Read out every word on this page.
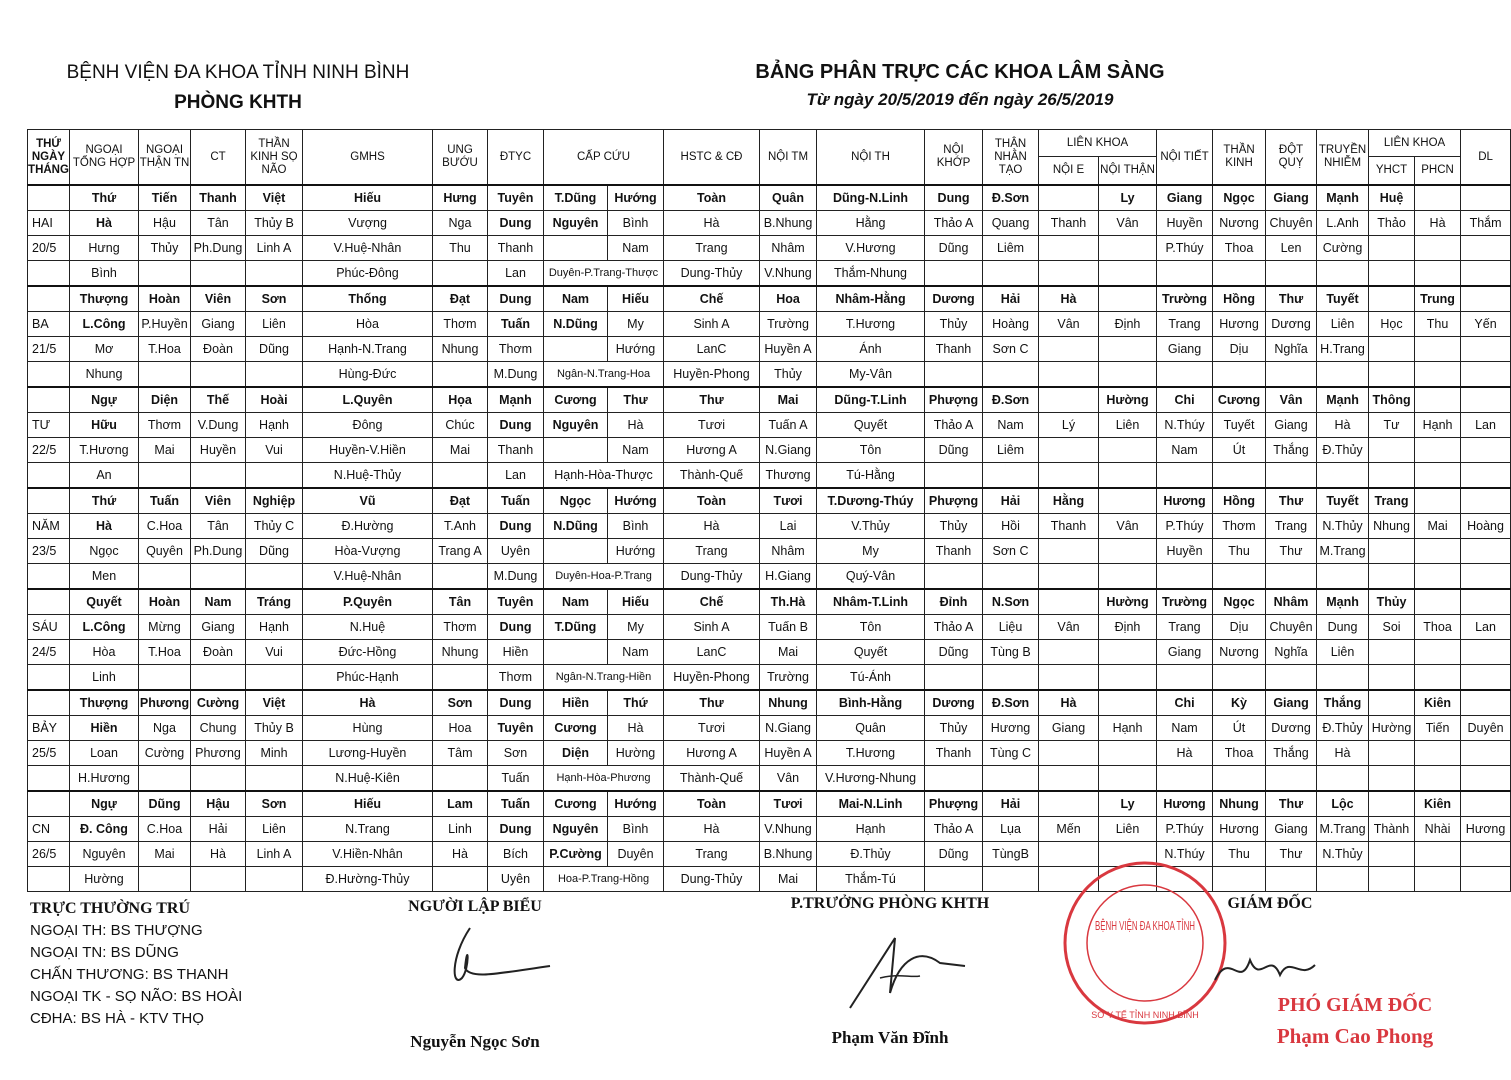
BỆNH VIỆN ĐA KHOA TỈNH NINH BÌNH
PHÒNG KHTH
BẢNG PHÂN TRỰC CÁC KHOA LÂM SÀNG
Từ ngày 20/5/2019 đến ngày 26/5/2019
THỨ NGÀY THÁNG	NGOẠI TỔNG HỢP	NGOẠI THẬN TN	CT	THẦN KINH SỌ NÃO	GMHS	UNG BƯỚU	ĐTYC	CẤP CỨU		HSTC & CĐ	NỘI TM	NỘI TH	NỘI KHỚP	THẬN NHÂN TẠO	LIÊN KHOA		NỘI TIẾT	THẦN KINH	ĐỘT QUỴ	TRUYỀN NHIỄM	LIÊN KHOA		DL
															NỘI E	NỘI THẬN					YHCT	PHCN	
	Thứ	Tiến	Thanh	Việt	Hiếu	Hưng	Tuyên	T.Dũng	Hướng	Toàn	Quân	Dũng-N.Linh	Dung	Đ.Sơn		Ly	Giang	Ngọc	Giang	Mạnh	Huệ		
HAI	Hà	Hậu	Tân	Thủy B	Vượng	Nga	Dung	Nguyên	Bình	Hà	B.Nhung	Hằng	Thảo A	Quang	Thanh	Vân	Huyền	Nương	Chuyên	L.Anh	Thảo	Hà	Thắm
20/5	Hưng	Thủy	Ph.Dung	Linh A	V.Huệ-Nhân	Thu	Thanh		Nam	Trang	Nhâm	V.Hương	Dũng	Liêm			P.Thúy	Thoa	Len	Cường			
	Bình				Phúc-Đông		Lan	Duyên-P.Trang-Thược		Dung-Thủy	V.Nhung	Thắm-Nhung											
	Thượng	Hoàn	Viên	Sơn	Thống	Đạt	Dung	Nam	Hiếu	Chế	Hoa	Nhâm-Hằng	Dương	Hải	Hà		Trường	Hồng	Thư	Tuyết		Trung	
BA	L.Công	P.Huyền	Giang	Liên	Hòa	Thơm	Tuấn	N.Dũng	My	Sinh A	Trường	T.Hương	Thủy	Hoàng	Vân	Định	Trang	Hương	Dương	Liên	Học	Thu	Yến
21/5	Mơ	T.Hoa	Đoàn	Dũng	Hạnh-N.Trang	Nhung	Thơm		Hướng	LanC	Huyền A	Ánh	Thanh	Sơn C			Giang	Dịu	Nghĩa	H.Trang			
	Nhung				Hùng-Đức		M.Dung	Ngân-N.Trang-Hoa		Huyền-Phong	Thủy	My-Vân											
	Ngự	Diện	Thế	Hoài	L.Quyên	Họa	Mạnh	Cương	Thư	Thư	Mai	Dũng-T.Linh	Phượng	Đ.Sơn		Hường	Chi	Cương	Vân	Mạnh	Thông		
TƯ	Hữu	Thơm	V.Dung	Hạnh	Đông	Chúc	Dung	Nguyên	Hà	Tươi	Tuấn A	Quyết	Thảo A	Nam	Lý	Liên	N.Thúy	Tuyết	Giang	Hà	Tư	Hạnh	Lan
22/5	T.Hương	Mai	Huyền	Vui	Huyền-V.Hiền	Mai	Thanh		Nam	Hương A	N.Giang	Tôn	Dũng	Liêm			Nam	Út	Thắng	Đ.Thủy			
	An				N.Huệ-Thủy		Lan	Hạnh-Hòa-Thược		Thành-Quế	Thương	Tú-Hằng											
	Thứ	Tuấn	Viên	Nghiệp	Vũ	Đạt	Tuấn	Ngọc	Hướng	Toàn	Tươi	T.Dương-Thúy	Phượng	Hải	Hằng		Hương	Hồng	Thư	Tuyết	Trang		
NĂM	Hà	C.Hoa	Tân	Thủy C	Đ.Hường	T.Anh	Dung	N.Dũng	Bình	Hà	Lai	V.Thủy	Thủy	Hồi	Thanh	Vân	P.Thúy	Thơm	Trang	N.Thủy	Nhung	Mai	Hoàng
23/5	Ngọc	Quyên	Ph.Dung	Dũng	Hòa-Vượng	Trang A	Uyên		Hướng	Trang	Nhâm	My	Thanh	Sơn C			Huyền	Thu	Thư	M.Trang			
	Men				V.Huệ-Nhân		M.Dung	Duyên-Hoa-P.Trang		Dung-Thủy	H.Giang	Quý-Vân											
	Quyết	Hoàn	Nam	Tráng	P.Quyên	Tân	Tuyên	Nam	Hiếu	Chế	Th.Hà	Nhâm-T.Linh	Đỉnh	N.Sơn		Hường	Trường	Ngọc	Nhâm	Mạnh	Thủy		
SÁU	L.Công	Mừng	Giang	Hạnh	N.Huệ	Thơm	Dung	T.Dũng	My	Sinh A	Tuấn B	Tôn	Thảo A	Liệu	Vân	Định	Trang	Dịu	Chuyên	Dung	Soi	Thoa	Lan
24/5	Hòa	T.Hoa	Đoàn	Vui	Đức-Hồng	Nhung	Hiền		Nam	LanC	Mai	Quyết	Dũng	Tùng B			Giang	Nương	Nghĩa	Liên			
	Linh				Phúc-Hạnh		Thơm	Ngân-N.Trang-Hiền		Huyền-Phong	Trường	Tú-Ánh											
	Thượng	Phương	Cường	Việt	Hà	Sơn	Dung	Hiền	Thứ	Thư	Nhung	Bình-Hằng	Dương	Đ.Sơn	Hà		Chi	Kỳ	Giang	Thắng		Kiên	
BẢY	Hiền	Nga	Chung	Thủy B	Hùng	Hoa	Tuyên	Cương	Hà	Tươi	N.Giang	Quân	Thủy	Hương	Giang	Hạnh	Nam	Út	Dương	Đ.Thủy	Hường	Tiến	Duyên
25/5	Loan	Cường	Phương	Minh	Lương-Huyền	Tâm	Sơn	Diện	Hường	Hương A	Huyền A	T.Hương	Thanh	Tùng C			Hà	Thoa	Thắng	Hà			
	H.Hương				N.Huệ-Kiên		Tuấn	Hạnh-Hòa-Phương		Thành-Quế	Vân	V.Hương-Nhung											
	Ngự	Dũng	Hậu	Sơn	Hiếu	Lam	Tuấn	Cương	Hướng	Toàn	Tươi	Mai-N.Linh	Phượng	Hải		Ly	Hương	Nhung	Thư	Lộc		Kiên	
CN	Đ. Công	C.Hoa	Hải	Liên	N.Trang	Linh	Dung	Nguyên	Bình	Hà	V.Nhung	Hạnh	Thảo A	Lụa	Mến	Liên	P.Thúy	Hương	Giang	M.Trang	Thành	Nhài	Hương
26/5	Nguyên	Mai	Hà	Linh A	V.Hiền-Nhân	Hà	Bích	P.Cường	Duyên	Trang	B.Nhung	Đ.Thủy	Dũng	TùngB			N.Thúy	Thu	Thư	N.Thủy			
	Hường				Đ.Hường-Thủy		Uyên	Hoa-P.Trang-Hồng		Dung-Thủy	Mai	Thắm-Tú											
TRỰC THƯỜNG TRÚ
NGOẠI TH: BS THƯỢNG
NGOẠI TN: BS DŨNG
CHẤN THƯƠNG: BS THANH
NGOẠI TK - SỌ NÃO: BS HOÀI
CĐHA: BS HÀ - KTV THỌ
NGƯỜI LẬP BIỂU
Nguyễn Ngọc Sơn
P.TRƯỞNG PHÒNG KHTH
Phạm Văn Đĩnh
BỆNH VIỆN ĐA KHOA TỈNH
SỞ Y TẾ TỈNH NINH BÌNH
GIÁM ĐỐC
PHÓ GIÁM ĐỐC
Phạm Cao Phong
